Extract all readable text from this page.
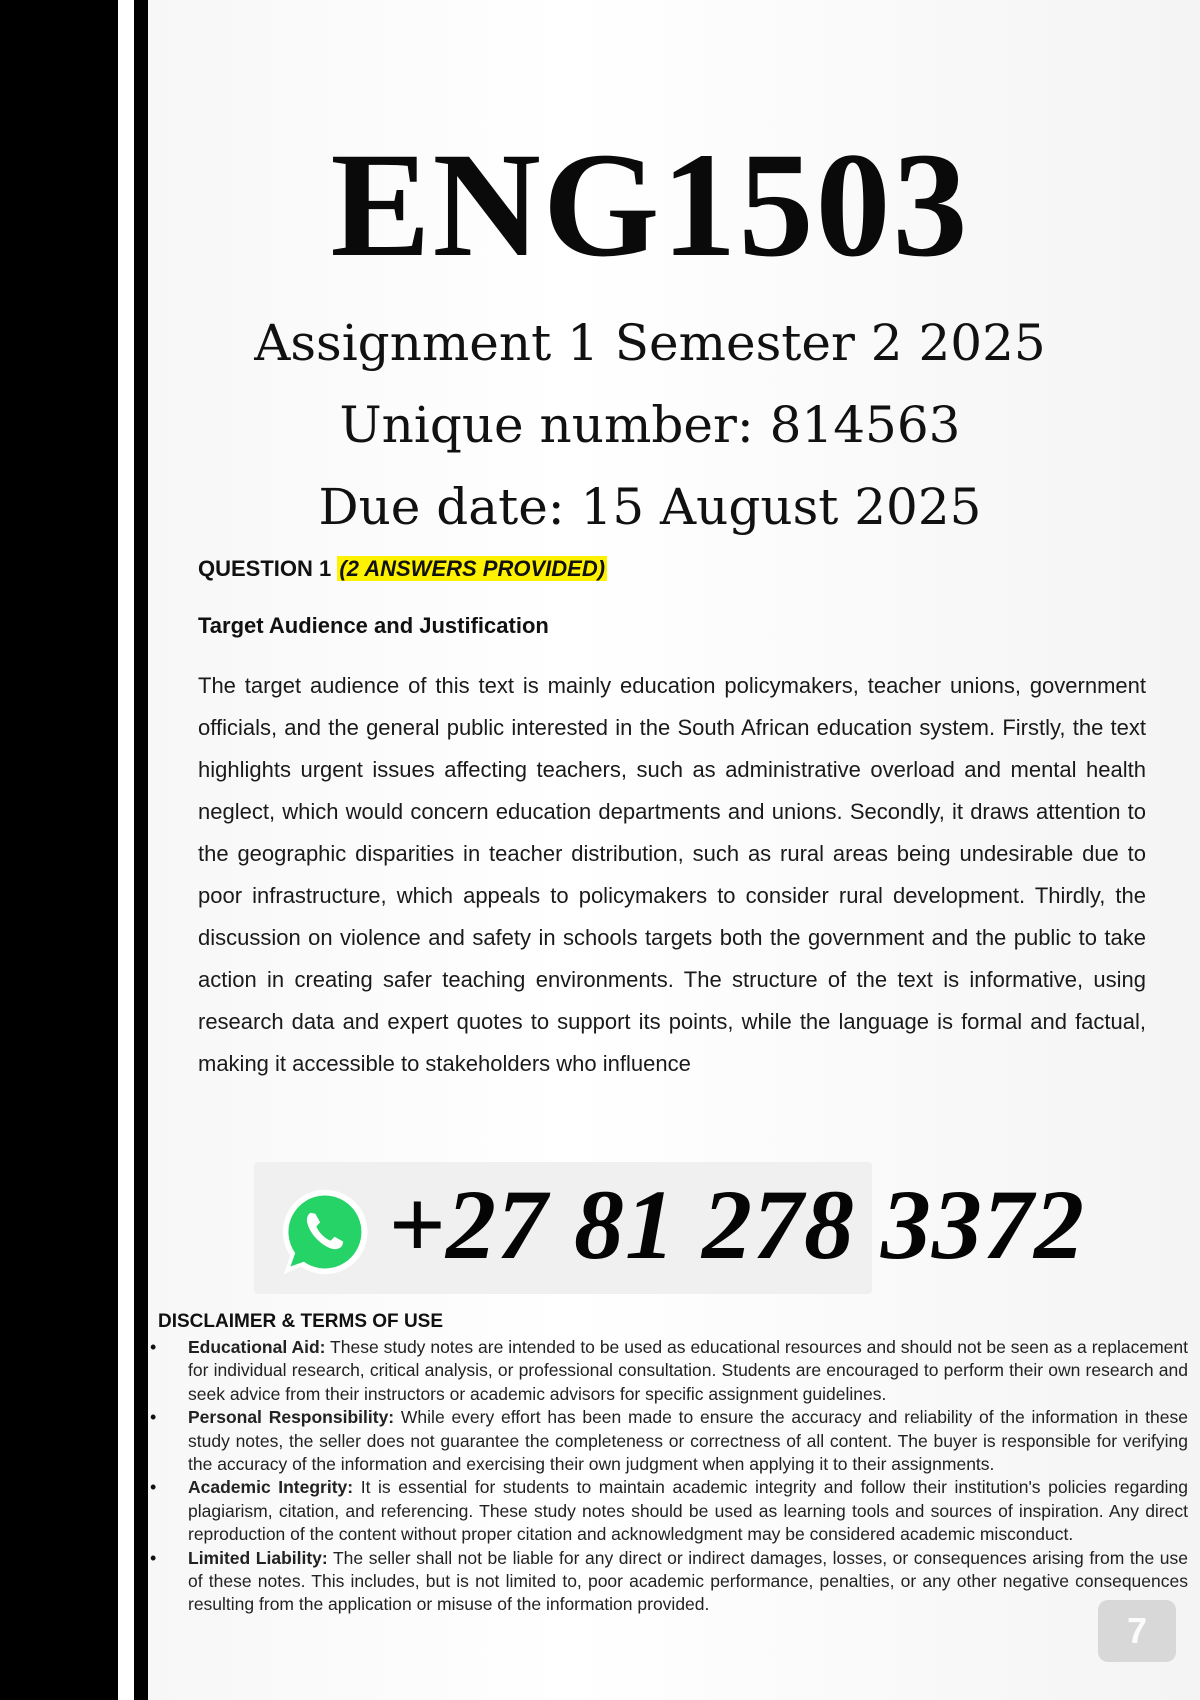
ENG1503
Assignment 1 Semester 2 2025
Unique number: 814563
Due date: 15 August 2025
QUESTION 1 (2 ANSWERS PROVIDED)
Target Audience and Justification
The target audience of this text is mainly education policymakers, teacher unions, government officials, and the general public interested in the South African education system. Firstly, the text highlights urgent issues affecting teachers, such as administrative overload and mental health neglect, which would concern education departments and unions. Secondly, it draws attention to the geographic disparities in teacher distribution, such as rural areas being undesirable due to poor infrastructure, which appeals to policymakers to consider rural development. Thirdly, the discussion on violence and safety in schools targets both the government and the public to take action in creating safer teaching environments. The structure of the text is informative, using research data and expert quotes to support its points, while the language is formal and factual, making it accessible to stakeholders who influence
+27 81 278 3372
DISCLAIMER & TERMS OF USE
• Educational Aid: These study notes are intended to be used as educational resources and should not be seen as a replacement for individual research, critical analysis, or professional consultation. Students are encouraged to perform their own research and seek advice from their instructors or academic advisors for specific assignment guidelines.
• Personal Responsibility: While every effort has been made to ensure the accuracy and reliability of the information in these study notes, the seller does not guarantee the completeness or correctness of all content. The buyer is responsible for verifying the accuracy of the information and exercising their own judgment when applying it to their assignments.
• Academic Integrity: It is essential for students to maintain academic integrity and follow their institution's policies regarding plagiarism, citation, and referencing. These study notes should be used as learning tools and sources of inspiration. Any direct reproduction of the content without proper citation and acknowledgment may be considered academic misconduct.
• Limited Liability: The seller shall not be liable for any direct or indirect damages, losses, or consequences arising from the use of these notes. This includes, but is not limited to, poor academic performance, penalties, or any other negative consequences resulting from the application or misuse of the information provided.
7
